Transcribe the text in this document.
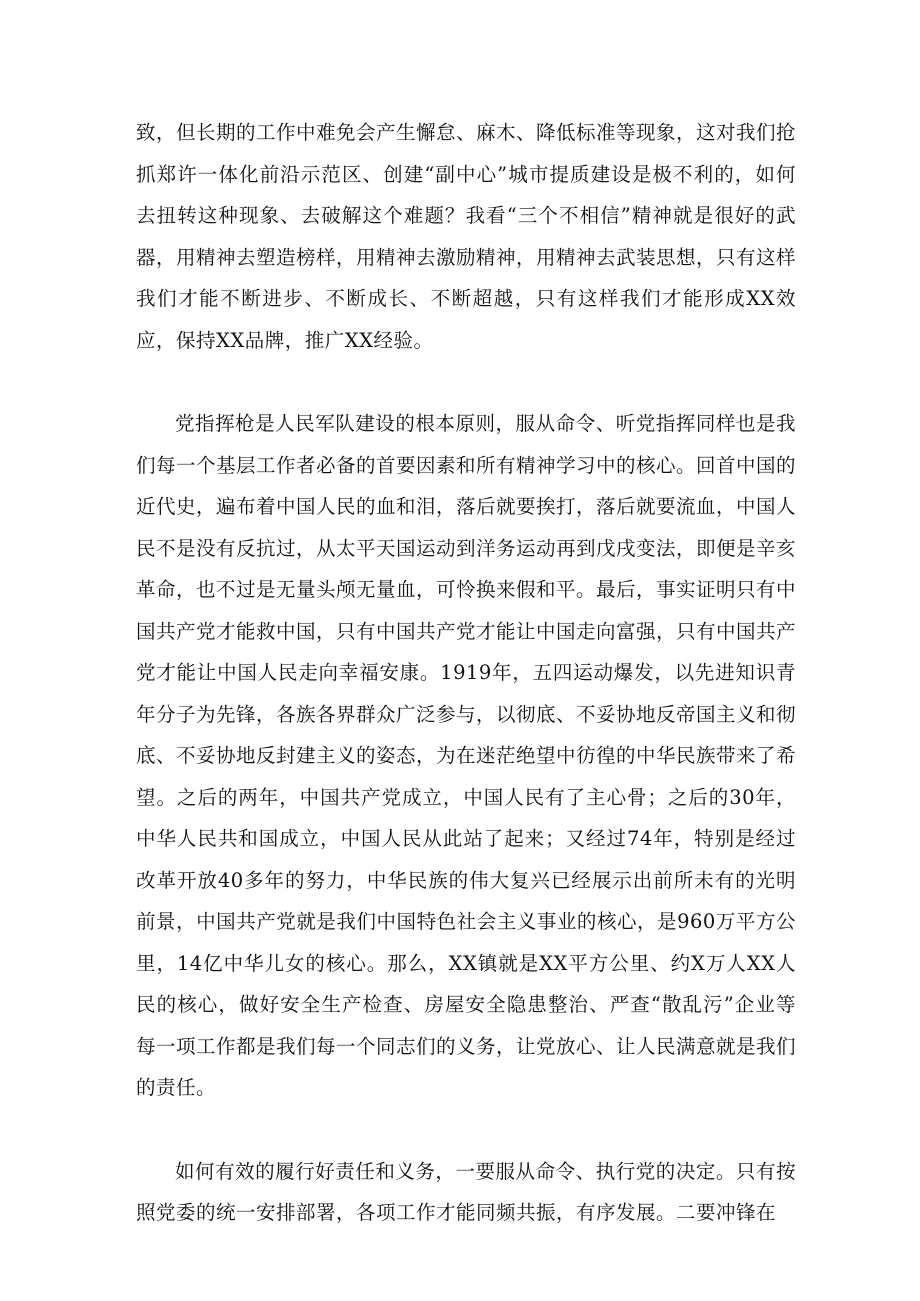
致，但长期的工作中难免会产生懈怠、麻木、降低标准等现象，这对我们抢抓郑许一体化前沿示范区、创建“副中心”城市提质建设是极不利的，如何去扭转这种现象、去破解这个难题？我看“三个不相信”精神就是很好的武器，用精神去塑造榜样，用精神去激励精神，用精神去武装思想，只有这样我们才能不断进步、不断成长、不断超越，只有这样我们才能形成XX效应，保持XX品牌，推广XX经验。

党指挥枪是人民军队建设的根本原则，服从命令、听党指挥同样也是我们每一个基层工作者必备的首要因素和所有精神学习中的核心。回首中国的近代史，遍布着中国人民的血和泪，落后就要挨打，落后就要流血，中国人民不是没有反抗过，从太平天国运动到洋务运动再到戊戌变法，即便是辛亥革命，也不过是无量头颅无量血，可怜换来假和平。最后，事实证明只有中国共产党才能救中国，只有中国共产党才能让中国走向富强，只有中国共产党才能让中国人民走向幸福安康。1919年，五四运动爆发，以先进知识青年分子为先锋，各族各界群众广泛参与，以彻底、不妥协地反帝国主义和彻底、不妥协地反封建主义的姿态，为在迷茫绝望中彷徨的中华民族带来了希望。之后的两年，中国共产党成立，中国人民有了主心骨；之后的30年，中华人民共和国成立，中国人民从此站了起来；又经过74年，特别是经过改革开放40多年的努力，中华民族的伟大复兴已经展示出前所未有的光明前景，中国共产党就是我们中国特色社会主义事业的核心，是960万平方公里，14亿中华儿女的核心。那么，XX镇就是XX平方公里、约X万人XX人民的核心，做好安全生产检查、房屋安全隐患整治、严查“散乱污”企业等每一项工作都是我们每一个同志们的义务，让党放心、让人民满意就是我们的责任。

如何有效的履行好责任和义务，一要服从命令、执行党的决定。只有按照党委的统一安排部署，各项工作才能同频共振，有序发展。二要冲锋在
